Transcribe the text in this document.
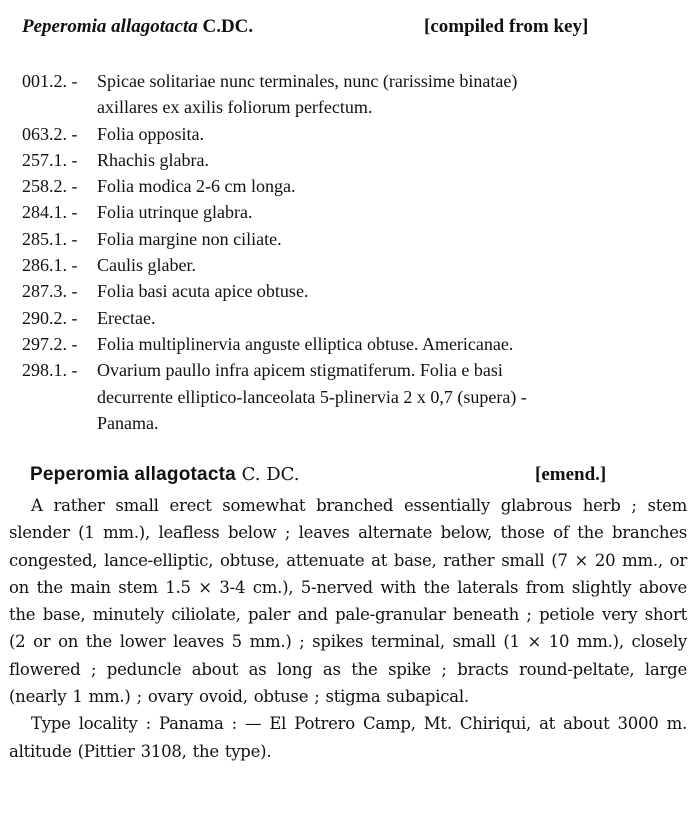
Peperomia allagotacta C.DC.	[compiled from key]
001.2. -	Spicae solitariae nunc terminales, nunc (rarissime binatae)
axillares ex axilis foliorum perfectum.
063.2. -	Folia opposita.
257.1. -	Rhachis glabra.
258.2. -	Folia modica 2-6 cm longa.
284.1. -	Folia utrinque glabra.
285.1. -	Folia margine non ciliate.
286.1. -	Caulis glaber.
287.3. -	Folia basi acuta apice obtuse.
290.2. -	Erectae.
297.2. -	Folia multiplinervia anguste elliptica obtuse. Americanae.
298.1. -	Ovarium paullo infra apicem stigmatiferum. Folia e basi
decurrente elliptico-lanceolata 5-plinervia 2 x 0,7 (supera) -
Panama.
Peperomia allagotacta C. DC.	[emend.]

A rather small erect somewhat branched essentially glabrous herb ; stem slender (1 mm.), leafless below ; leaves alternate below, those of the branches congested, lance-elliptic, obtuse, attenuate at base, rather small (7 × 20 mm., or on the main stem 1.5 × 3-4 cm.), 5-nerved with the laterals from slightly above the base, minutely ciliolate, paler and pale-granular beneath ; petiole very short (2 or on the lower leaves 5 mm.) ; spikes terminal, small (1 × 10 mm.), closely flowered ; peduncle about as long as the spike ; bracts round-peltate, large (nearly 1 mm.) ; ovary ovoid, obtuse ; stigma subapical.

Type locality : Panama : — El Potrero Camp, Mt. Chiriqui, at about 3000 m. altitude (Pittier 3108, the type).
